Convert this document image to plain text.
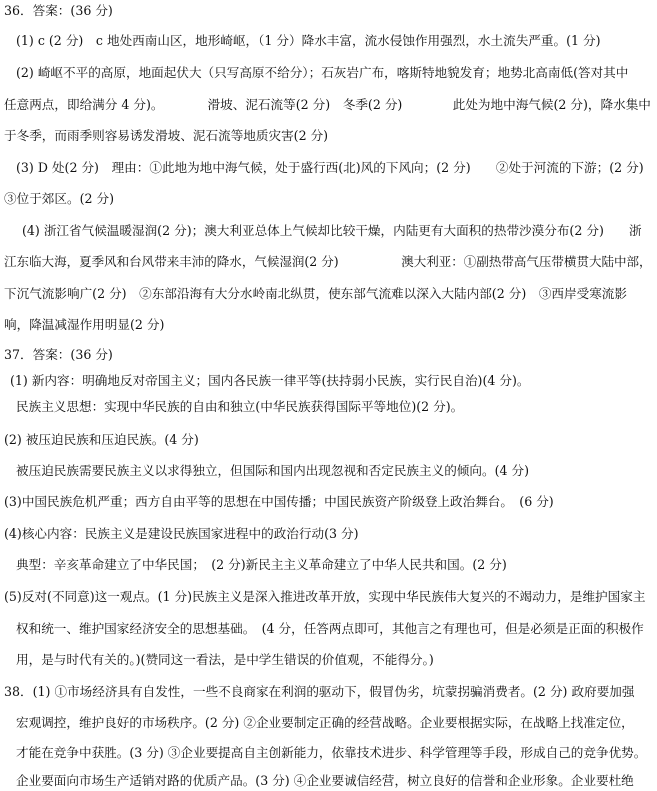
36．答案：(36 分)
(1) c (2 分)　c 地处西南山区，地形崎岖，（1 分）降水丰富，流水侵蚀作用强烈，水土流失严重。(1 分)
(2) 崎岖不平的高原，地面起伏大（只写高原不给分）；石灰岩广布，喀斯特地貌发育；地势北高南低(答对其中
任意两点，即给满分 4 分)。　　　　滑坡、泥石流等(2 分)　冬季(2 分)　　　　此处为地中海气候(2 分)，降水集中
于冬季，而雨季则容易诱发滑坡、泥石流等地质灾害(2 分)
(3) D 处(2 分)　理由：①此地为地中海气候，处于盛行西(北)风的下风向；(2 分)　　②处于河流的下游；(2 分)
③位于郊区。(2 分)
(4) 浙江省气候温暖湿润(2 分)；澳大利亚总体上气候却比较干燥，内陆更有大面积的热带沙漠分布(2 分)　　浙
江东临大海，夏季风和台风带来丰沛的降水，气候湿润(2 分)　　　　　澳大利亚：①副热带高气压带横贯大陆中部，
下沉气流影响广(2 分)　②东部沿海有大分水岭南北纵贯，使东部气流难以深入大陆内部(2 分)　③西岸受寒流影
响，降温减湿作用明显(2 分)
37．答案：(36 分)
(1) 新内容：明确地反对帝国主义；国内各民族一律平等(扶持弱小民族，实行民自治)(4 分)。
民族主义思想：实现中华民族的自由和独立(中华民族获得国际平等地位)(2 分)。
(2) 被压迫民族和压迫民族。(4 分)
被压迫民族需要民族主义以求得独立，但国际和国内出现忽视和否定民族主义的倾向。(4 分)
(3)中国民族危机严重；西方自由平等的思想在中国传播；中国民族资产阶级登上政治舞台。　(6 分)
(4)核心内容：民族主义是建设民族国家进程中的政治行动(3 分)
典型：辛亥革命建立了中华民国；　(2 分)新民主主义革命建立了中华人民共和国。(2 分)
(5)反对(不同意)这一观点。(1 分)民族主义是深入推进改革开放，实现中华民族伟大复兴的不竭动力，是维护国家主
权和统一、维护国家经济安全的思想基础。　(4 分，任答两点即可，其他言之有理也可，但是必须是正面的积极作
用，是与时代有关的。)(赞同这一看法，是中学生错误的价值观，不能得分。)
38．(1) ①市场经济具有自发性，一些不良商家在利润的驱动下，假冒伪劣，坑蒙拐骗消费者。(2 分) 政府要加强
宏观调控，维护良好的市场秩序。(2 分) ②企业要制定正确的经营战略。企业要根据实际，在战略上找准定位，
才能在竞争中获胜。(3 分) ③企业要提高自主创新能力，依靠技术进步、科学管理等手段，形成自己的竞争优势。
企业要面向市场生产适销对路的优质产品。(3 分) ④企业要诚信经营，树立良好的信誉和企业形象。企业要杜绝
